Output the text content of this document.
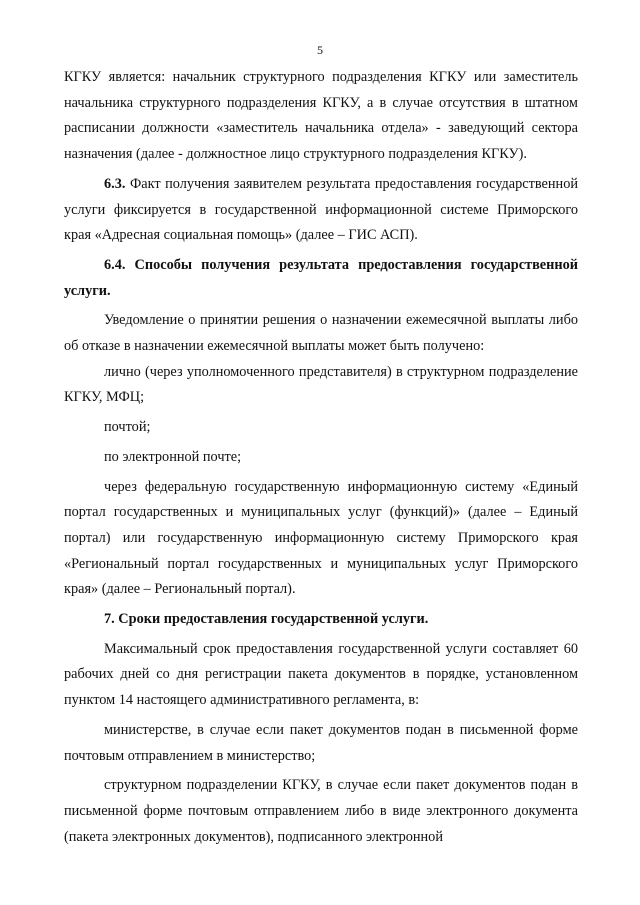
5

КГКУ является: начальник структурного подразделения КГКУ или заместитель начальника структурного подразделения КГКУ, а в случае отсутствия в штатном расписании должности «заместитель начальника отдела» - заведующий сектора назначения (далее - должностное лицо структурного подразделения КГКУ).

6.3. Факт получения заявителем результата предоставления государственной услуги фиксируется в государственной информационной системе Приморского края «Адресная социальная помощь» (далее – ГИС АСП).

6.4. Способы получения результата предоставления государственной услуги.

Уведомление о принятии решения о назначении ежемесячной выплаты либо об отказе в назначении ежемесячной выплаты может быть получено:

лично (через уполномоченного представителя) в структурном подразделение КГКУ, МФЦ;

почтой;

по электронной почте;

через федеральную государственную информационную систему «Единый портал государственных и муниципальных услуг (функций)» (далее – Единый портал) или государственную информационную систему Приморского края «Региональный портал государственных и муниципальных услуг Приморского края» (далее – Региональный портал).

7. Сроки предоставления государственной услуги.

Максимальный срок предоставления государственной услуги составляет 60 рабочих дней со дня регистрации пакета документов в порядке, установленном пунктом 14 настоящего административного регламента, в:

министерстве, в случае если пакет документов подан в письменной форме почтовым отправлением в министерство;

структурном подразделении КГКУ, в случае если пакет документов подан в письменной форме почтовым отправлением либо в виде электронного документа (пакета электронных документов), подписанного электронной
